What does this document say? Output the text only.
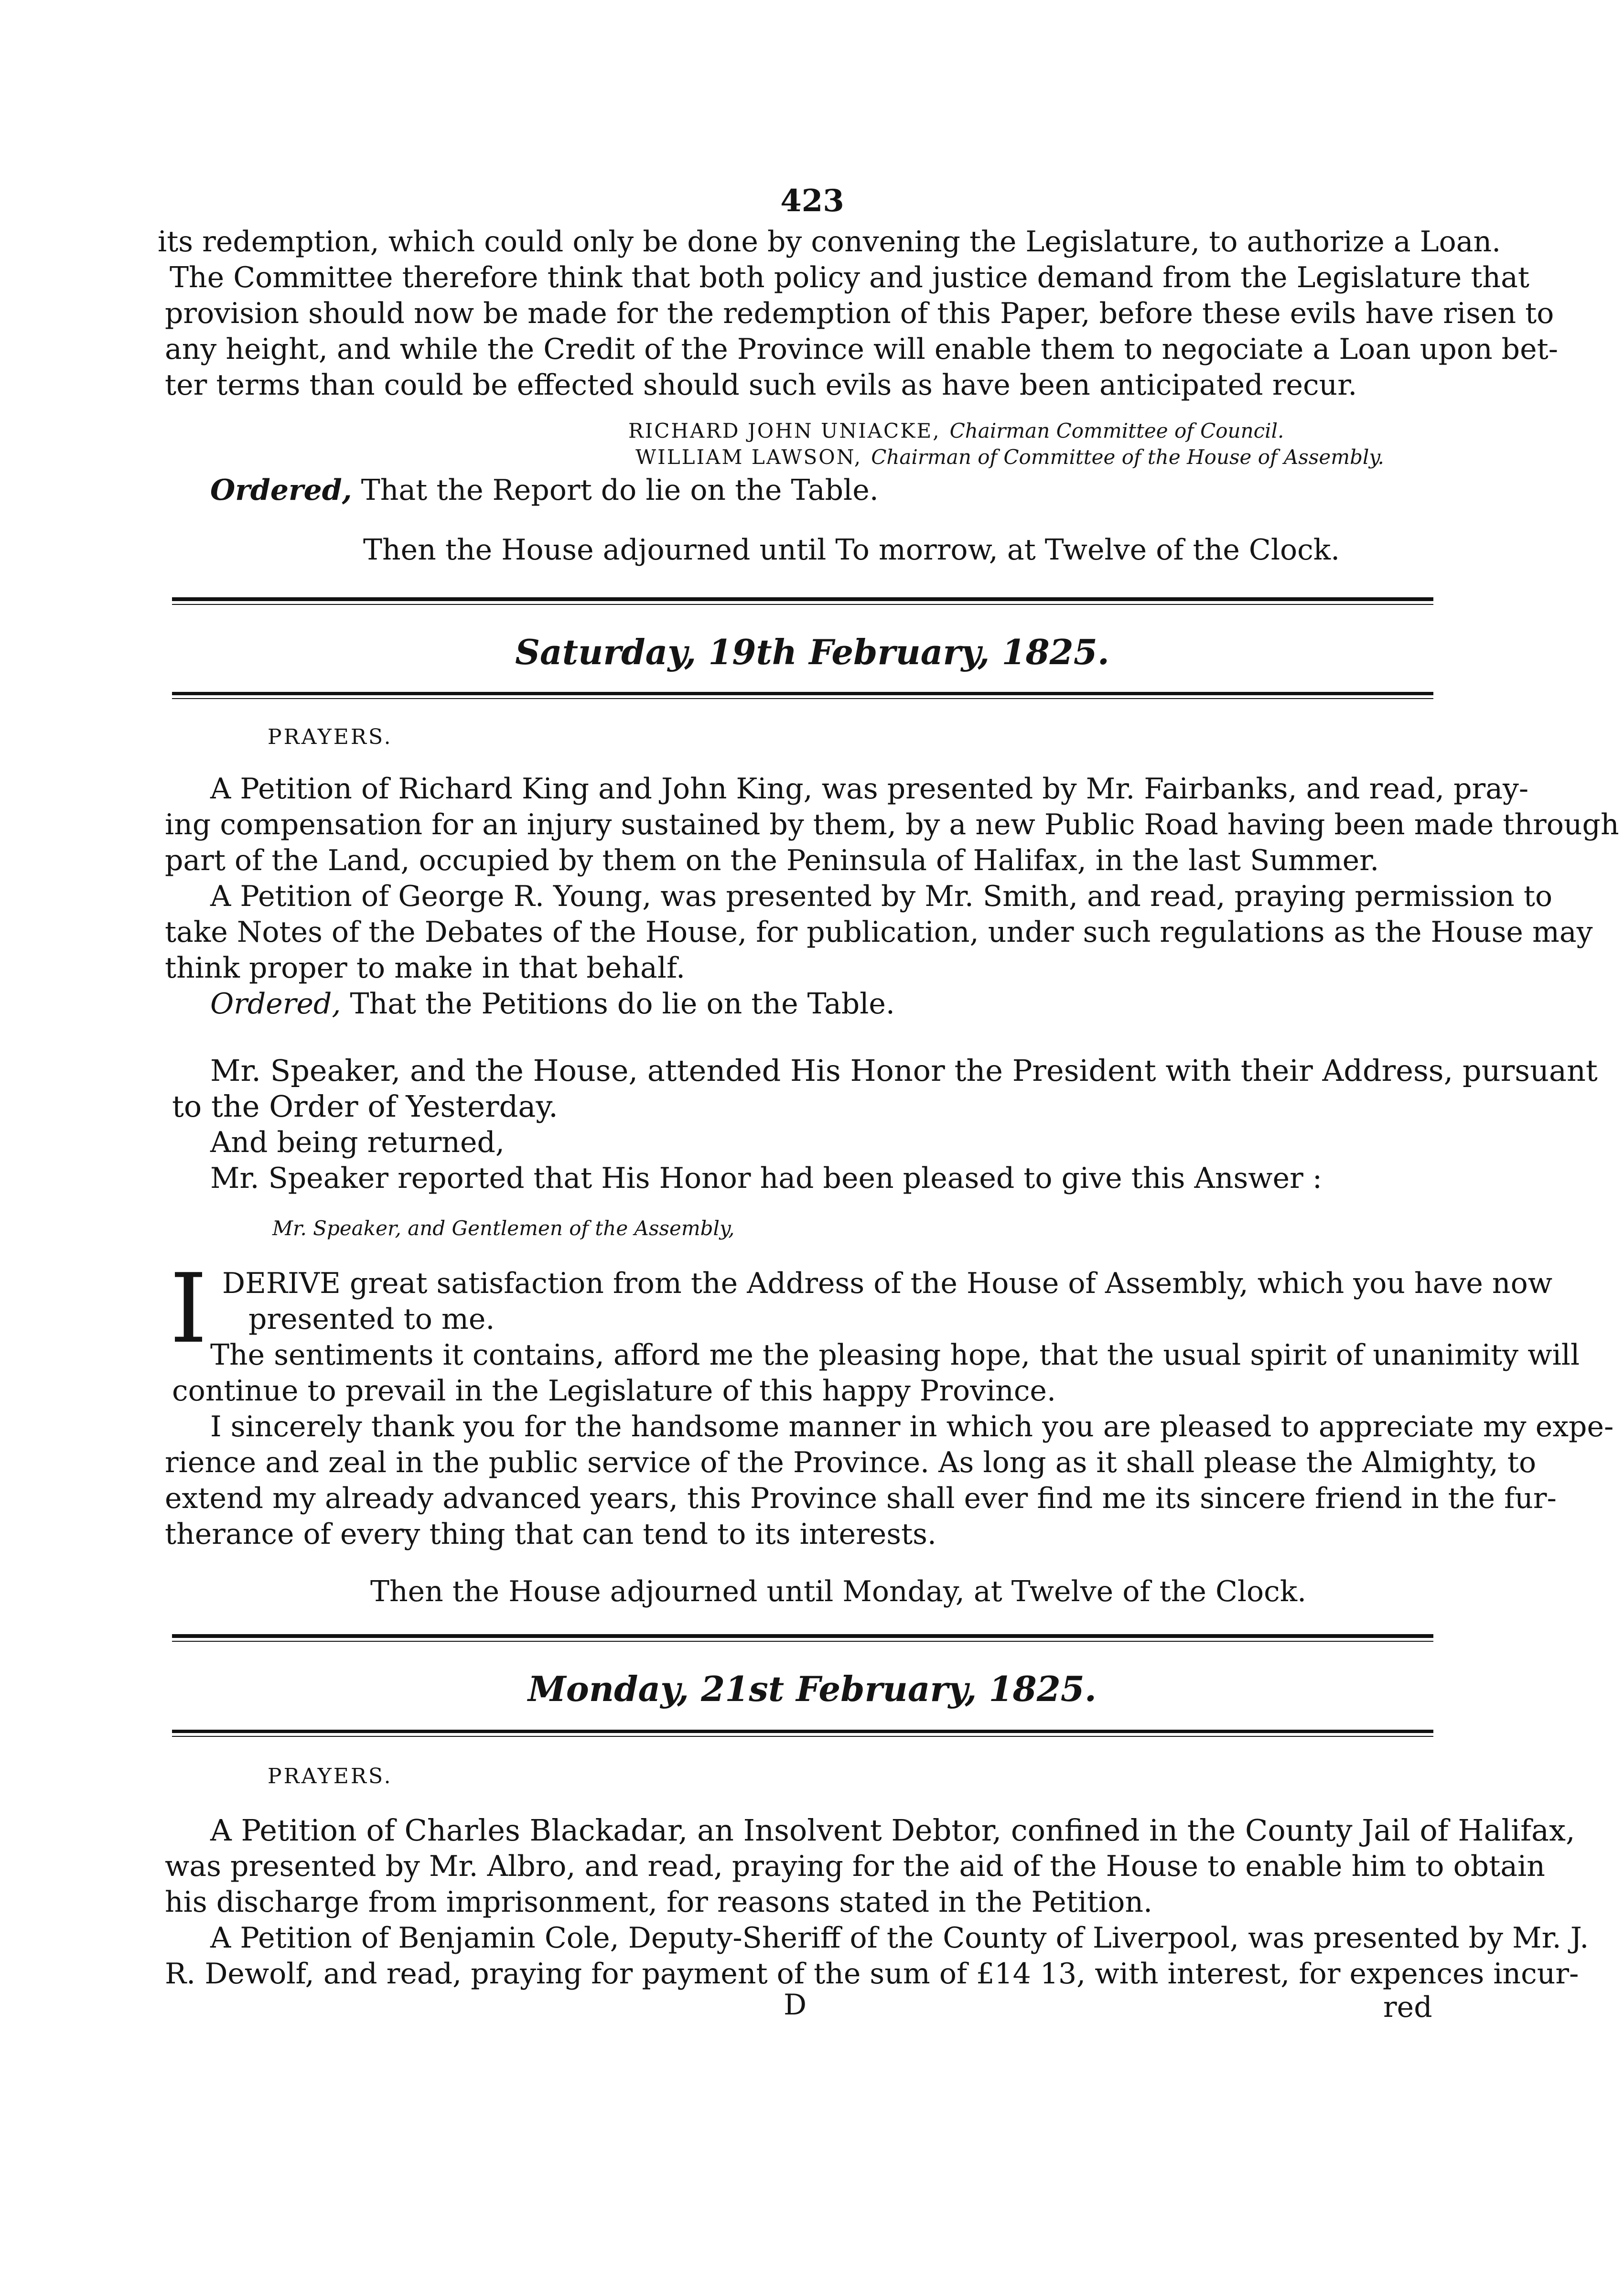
423
its redemption, which could only be done by convening the Legislature, to authorize a Loan.
The Committee therefore think that both policy and justice demand from the Legislature that
provision should now be made for the redemption of this Paper, before these evils have risen to
any height, and while the Credit of the Province will enable them to negociate a Loan upon bet-
ter terms than could be effected should such evils as have been anticipated recur.
RICHARD JOHN UNIACKE, Chairman Committee of Council.
WILLIAM LAWSON, Chairman of Committee of the House of Assembly.
Ordered, That the Report do lie on the Table.
Then the House adjourned until To morrow, at Twelve of the Clock.
Saturday, 19th February, 1825.
PRAYERS.
A Petition of Richard King and John King, was presented by Mr. Fairbanks, and read, pray-
ing compensation for an injury sustained by them, by a new Public Road having been made through
part of the Land, occupied by them on the Peninsula of Halifax, in the last Summer.
A Petition of George R. Young, was presented by Mr. Smith, and read, praying permission to
take Notes of the Debates of the House, for publication, under such regulations as the House may
think proper to make in that behalf.
Ordered, That the Petitions do lie on the Table.
Mr. Speaker, and the House, attended His Honor the President with their Address, pursuant
to the Order of Yesterday.
And being returned,
Mr. Speaker reported that His Honor had been pleased to give this Answer :
Mr. Speaker, and Gentlemen of the Assembly,
I DERIVE great satisfaction from the Address of the House of Assembly, which you have now
presented to me.
The sentiments it contains, afford me the pleasing hope, that the usual spirit of unanimity will
continue to prevail in the Legislature of this happy Province.
I sincerely thank you for the handsome manner in which you are pleased to appreciate my expe-
rience and zeal in the public service of the Province. As long as it shall please the Almighty, to
extend my already advanced years, this Province shall ever find me its sincere friend in the fur-
therance of every thing that can tend to its interests.
Then the House adjourned until Monday, at Twelve of the Clock.
Monday, 21st February, 1825.
PRAYERS.
A Petition of Charles Blackadar, an Insolvent Debtor, confined in the County Jail of Halifax,
was presented by Mr. Albro, and read, praying for the aid of the House to enable him to obtain
his discharge from imprisonment, for reasons stated in the Petition.
A Petition of Benjamin Cole, Deputy-Sheriff of the County of Liverpool, was presented by Mr. J.
R. Dewolf, and read, praying for payment of the sum of £14 13, with interest, for expences incur-
D	red
